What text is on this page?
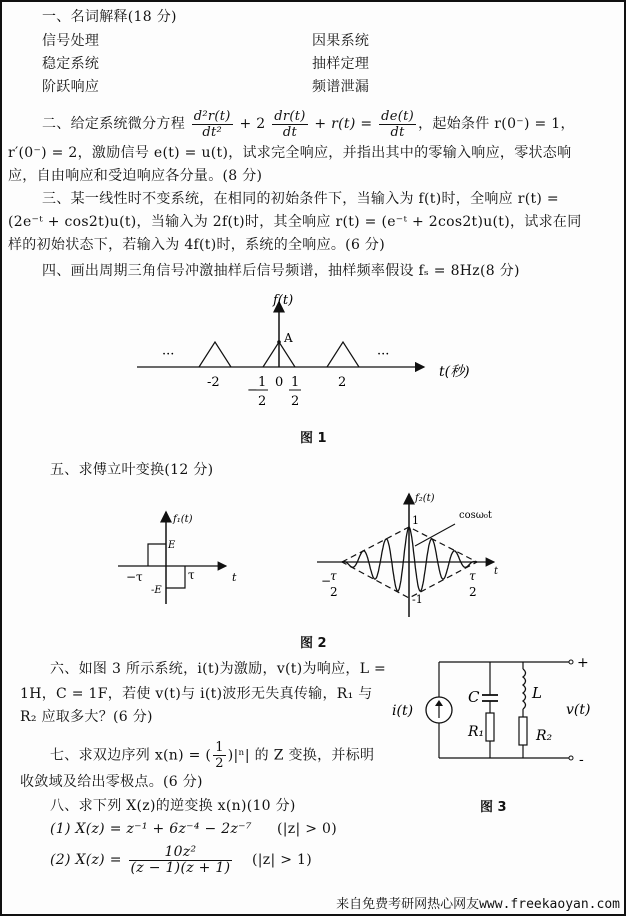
一、名词解释(18 分)
信号处理	因果系统
稳定系统	抽样定理
阶跃响应	频谱泄漏
二、给定系统微分方程 $\frac{\text{d²r(t)}}{\text{dt²}} + 2 \frac{dr(t)}{dt} + r(t) = \frac{de(t)}{dt}$ ，起始条件 r(0⁻) = 1，
r′(0⁻) = 2，激励信号 e(t) = u(t)，试求完全响应，并指出其中的零输入响应，零状态响
应，自由响应和受迫响应各分量。(8 分)
三、某一线性时不变系统，在相同的初始条件下，当输入为 f(t)时，全响应 r(t) =
(2e⁻ᵗ + cos2t)u(t)，当输入为 2f(t)时，其全响应 r(t) = (e⁻ᵗ + 2cos2t)u(t)，试求在同
样的初始状态下，若输入为 4f(t)时，系统的全响应。(6 分)
四、画出周期三角信号冲激抽样后信号频谱，抽样频率假设 fₛ = 8Hz(8 分)
f(t)
A
···	···
t(秒)
-2	0	2
−
1
2
1
2
图 1
五、求傅立叶变换(12 分)
f₁(t)
E
-E
−τ	τ	t
f₂(t)
1
-1
cosω₀t
t
−
τ
2
τ
2
图 2
六、如图 3 所示系统，i(t)为激励，v(t)为响应，L =
1H，C = 1F，若使 v(t)与 i(t)波形无失真传输，R₁ 与
R₂ 应取多大？(6 分)	i(t)
C	L
R₁	R₂
v(t)
+
-
图 3
七、求双边序列 x(n) = ( $\frac{1}{2} )|^n|$ 的 Z 变换，并标明
收敛域及给出零极点。(6 分)
八、求下列 X(z)的逆变换 x(n)(10 分)
(1) X(z) = z⁻¹ + 6z⁻⁴ − 2z⁻⁷ (|z| > 0)
(2) $X(z) = \frac{\text{10z²}}{(z - 1)(z + 1)} (|z| > 1)$
来自免费考研网热心网友www.freekaoyan.com
